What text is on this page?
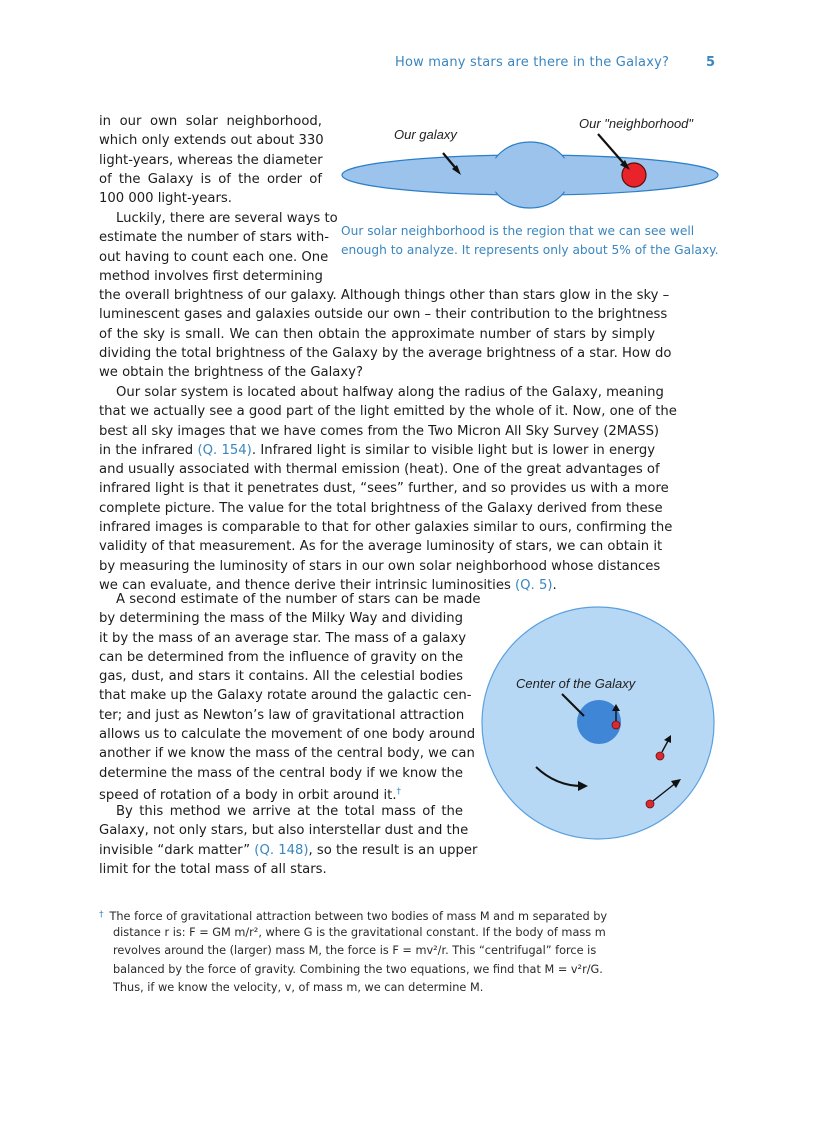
How many stars are there in the Galaxy?	5
Our galaxy
Our "neighborhood"
Our solar neighborhood is the region that we can see well
enough to analyze. It represents only about 5% of the Galaxy.
in our own solar neighborhood,
which only extends out about 330
light-years, whereas the diameter
of the Galaxy is of the order of
100 000 light-years.
Luckily, there are several ways to
estimate the number of stars with-
out having to count each one. One
method involves first determining
the overall brightness of our galaxy. Although things other than stars glow in the sky –
luminescent gases and galaxies outside our own – their contribution to the brightness
of the sky is small. We can then obtain the approximate number of stars by simply
dividing the total brightness of the Galaxy by the average brightness of a star. How do
we obtain the brightness of the Galaxy?
Our solar system is located about halfway along the radius of the Galaxy, meaning
that we actually see a good part of the light emitted by the whole of it. Now, one of the
best all sky images that we have comes from the Two Micron All Sky Survey (2MASS)
in the infrared (Q. 154). Infrared light is similar to visible light but is lower in energy
and usually associated with thermal emission (heat). One of the great advantages of
infrared light is that it penetrates dust, “sees” further, and so provides us with a more
complete picture. The value for the total brightness of the Galaxy derived from these
infrared images is comparable to that for other galaxies similar to ours, confirming the
validity of that measurement. As for the average luminosity of stars, we can obtain it
by measuring the luminosity of stars in our own solar neighborhood whose distances
we can evaluate, and thence derive their intrinsic luminosities (Q. 5).
A second estimate of the number of stars can be made
by determining the mass of the Milky Way and dividing
it by the mass of an average star. The mass of a galaxy
can be determined from the influence of gravity on the
gas, dust, and stars it contains. All the celestial bodies
that make up the Galaxy rotate around the galactic cen-
ter; and just as Newton’s law of gravitational attraction
allows us to calculate the movement of one body around
another if we know the mass of the central body, we can
determine the mass of the central body if we know the
speed of rotation of a body in orbit around it.†
By this method we arrive at the total mass of the
Galaxy, not only stars, but also interstellar dust and the
invisible “dark matter” (Q. 148), so the result is an upper
limit for the total mass of all stars.
Center of the Galaxy
† The force of gravitational attraction between two bodies of mass M and m separated by
distance r is: F = GM m/r², where G is the gravitational constant. If the body of mass m
revolves around the (larger) mass M, the force is F = mv²/r. This “centrifugal” force is
balanced by the force of gravity. Combining the two equations, we find that M = v²r/G.
Thus, if we know the velocity, v, of mass m, we can determine M.
